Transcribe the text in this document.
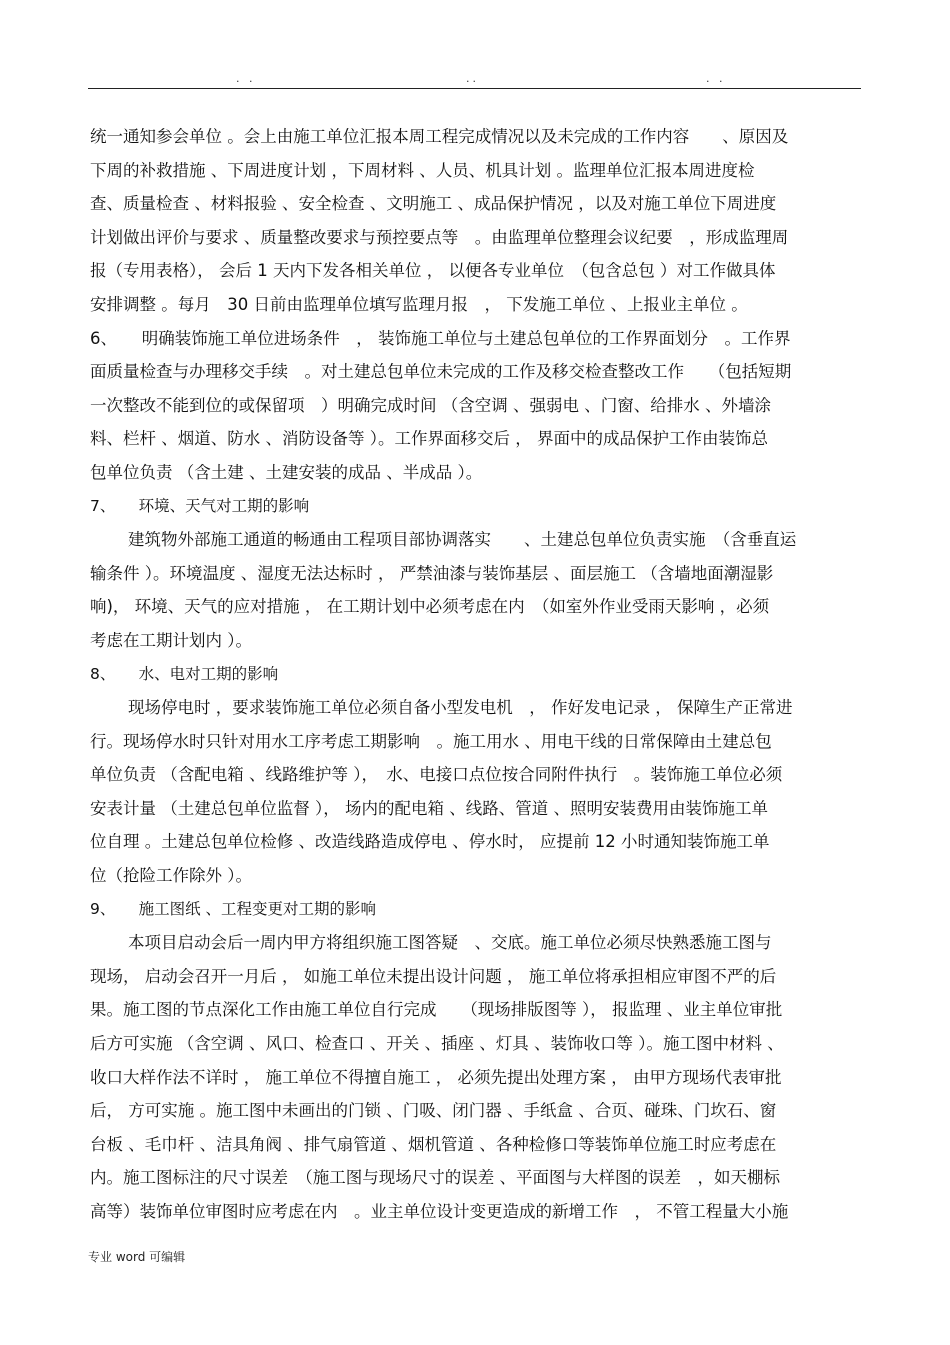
. .	..	. .
统一通知参会单位 。会上由施工单位汇报本周工程完成情况以及未完成的工作内容　　、原因及
下周的补救措施 、下周进度计划 ，下周材料 、人员、机具计划 。监理单位汇报本周进度检
查、质量检查 、材料报验 、安全检查 、文明施工 、成品保护情况 ，以及对施工单位下周进度
计划做出评价与要求 、质量整改要求与预控要点等　。由监理单位整理会议纪要　，形成监理周
报（专用表格）， 会后 1 天内下发各相关单位 ， 以便各专业单位　（包含总包 ）对工作做具体
安排调整 。每月　30 日前由监理单位填写监理月报　， 下发施工单位 、上报业主单位 。
6、　　明确装饰施工单位进场条件　， 装饰施工单位与土建总包单位的工作界面划分　。工作界
面质量检查与办理移交手续　。对土建总包单位未完成的工作及移交检查整改工作　　（包括短期
一次整改不能到位的或保留项　）明确完成时间 （含空调 、强弱电 、门窗、给排水 、外墙涂
料、栏杆 、烟道、防水 、消防设备等 ）。工作界面移交后 ， 界面中的成品保护工作由装饰总
包单位负责 （含土建 、土建安装的成品 、半成品 ）。
7、　　环境、天气对工期的影响
建筑物外部施工通道的畅通由工程项目部协调落实　　、土建总包单位负责实施　（含垂直运
输条件 ）。环境温度 、湿度无法达标时 ， 严禁油漆与装饰基层 、面层施工 （含墙地面潮湿影
响)， 环境、天气的应对措施 ， 在工期计划中必须考虑在内　（如室外作业受雨天影响 ，必须
考虑在工期计划内 ）。
8、　　水、电对工期的影响
现场停电时 ，要求装饰施工单位必须自备小型发电机　， 作好发电记录 ， 保障生产正常进
行。现场停水时只针对用水工序考虑工期影响　。施工用水 、用电干线的日常保障由土建总包
单位负责 （含配电箱 、线路维护等 ），　水、电接口点位按合同附件执行　。装饰施工单位必须
安表计量 （土建总包单位监督 ）， 场内的配电箱 、线路、管道 、照明安装费用由装饰施工单
位自理 。土建总包单位检修 、改造线路造成停电 、停水时， 应提前 12 小时通知装饰施工单
位（抢险工作除外 ）。
9、　　施工图纸 、工程变更对工期的影响
本项目启动会后一周内甲方将组织施工图答疑　、交底。施工单位必须尽快熟悉施工图与
现场， 启动会召开一月后 ， 如施工单位未提出设计问题 ， 施工单位将承担相应审图不严的后
果。施工图的节点深化工作由施工单位自行完成　　（现场排版图等 ）， 报监理 、业主单位审批
后方可实施 （含空调 、风口、检查口 、开关 、插座 、灯具 、装饰收口等 ）。施工图中材料 、
收口大样作法不详时 ， 施工单位不得擅自施工 ， 必须先提出处理方案 ， 由甲方现场代表审批
后， 方可实施 。施工图中未画出的门锁 、门吸、闭门器 、手纸盒 、合页、碰珠、门坎石、窗
台板 、毛巾杆 、洁具角阀 、排气扇管道 、烟机管道 、各种检修口等装饰单位施工时应考虑在
内。施工图标注的尺寸误差　（施工图与现场尺寸的误差 、平面图与大样图的误差　，如天棚标
高等）装饰单位审图时应考虑在内　。业主单位设计变更造成的新增工作　， 不管工程量大小施
专业 word 可编辑
